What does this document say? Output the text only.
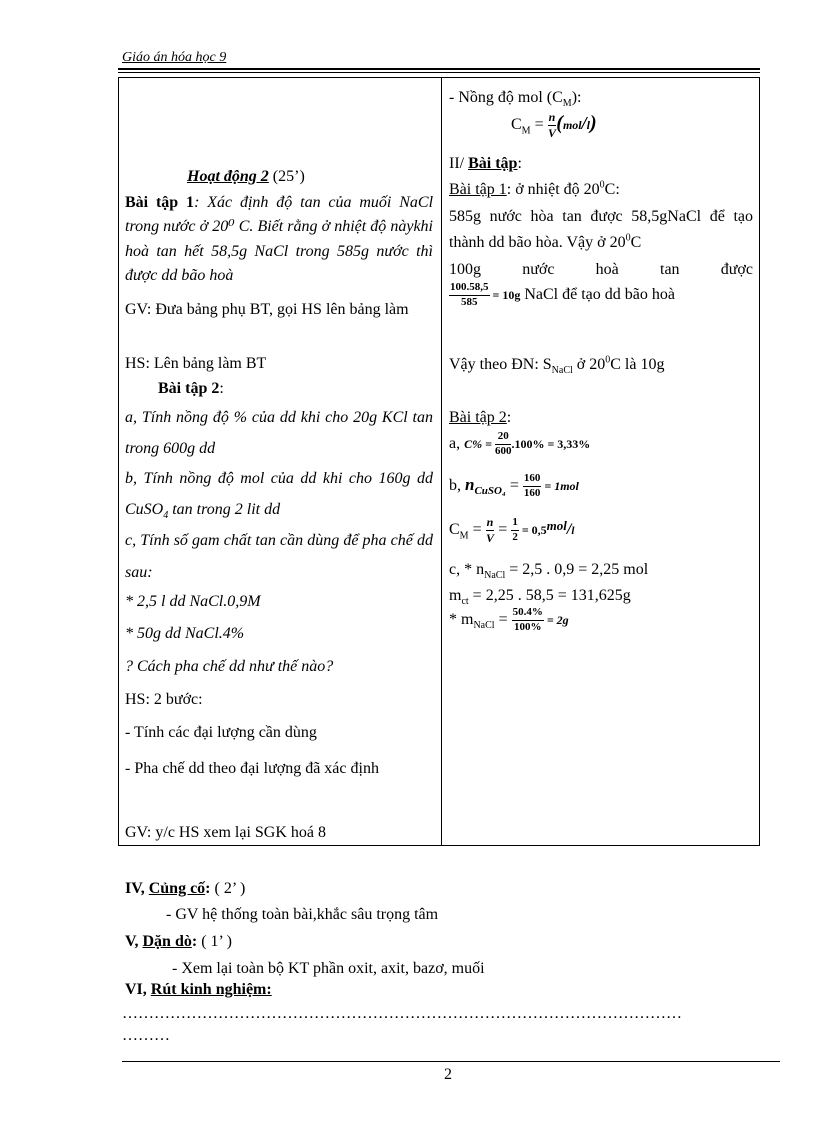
Giáo án hóa học 9
Hoạt động 2 (25’)
Bài tập 1: Xác định độ tan của muối NaCl trong nước ở 20⁰ C. Biết rằng ở nhiệt độ nàykhi hoà tan hết 58,5g NaCl trong 585g nước thì được dd bão hoà
GV: Đưa bảng phụ BT, gọi HS lên bảng làm
HS: Lên bảng làm BT
Bài tập 2:
a, Tính nồng độ % của dd khi cho 20g KCl tan trong 600g dd
b, Tính nồng độ mol của dd khi cho 160g dd CuSO$_4$ tan trong 2 lit dd
c, Tính số gam chất tan cần dùng để pha chế dd sau:
* 2,5 l dd NaCl.0,9M
* 50g dd NaCl.4%
? Cách pha chế dd như thế nào?
HS: 2 bước:
- Tính các đại lượng cần dùng
- Pha chế dd theo đại lượng đã xác định
GV: y/c HS xem lại SGK hoá 8
- Nồng độ mol $(C_M)$:
$C_M = \frac{n}{V} (mol/l)$
II/ Bài tập:
Bài tập 1: ở nhiệt độ $20^0C$:
585g nước hòa tan được 58,5gNaCl để tạo thành dd bão hòa. Vậy ở $20^0C$
100g nước hoà tan được
$\frac{100.58,5}{585} = 10g$ NaCl để tạo dd bão hoà
Vậy theo ĐN: $S_{NaCl}$ ở $20^0C$ là 10g
Bài tập 2:
a, $C\% = \frac{20}{600} .100\% = 3,33\%$
b, $n_{CuSO_4} = \frac{160}{160} = 1mol$
$C_M = \frac{n}{V} = \frac{1}{2} = 0,5^{mol}/l$
c, * $n_{NaCl} = 2,5$ . 0,9 = 2,25 mol
$m_{ct} = 2,25$ . 58,5 = 131,625g
* $m_{NaCl} = \frac{50.4\%}{100\%} = 2g$
IV, Củng cố: ( 2’ )
- GV hệ thống toàn bài,khắc sâu trọng tâm
V, Dặn dò: ( 1’ )
- Xem lại toàn bộ KT phần oxit, axit, bazơ, muối
VI, Rút kinh nghiệm:
……………………………………………………………………………………………
………
2
